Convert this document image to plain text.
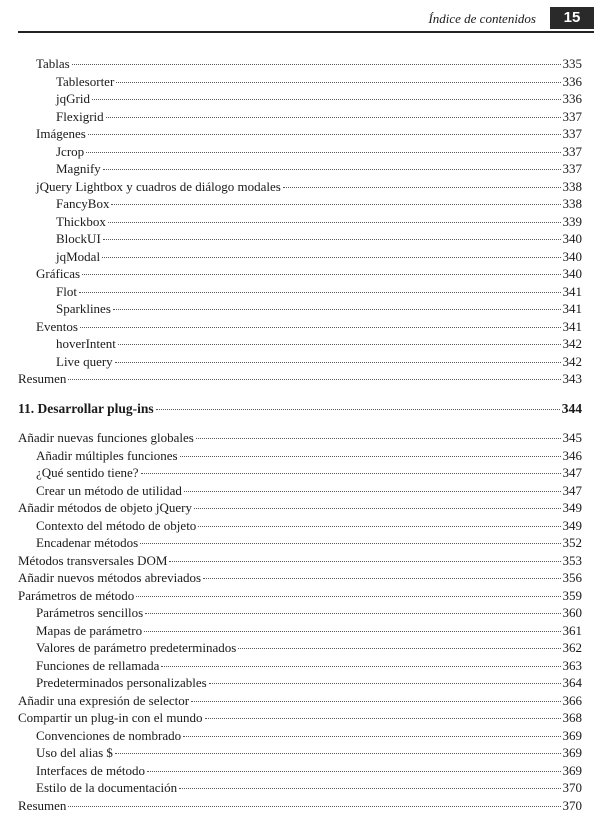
Índice de contenidos	15
Tablas	335
Tablesorter	336
jqGrid	336
Flexigrid	337
Imágenes	337
Jcrop	337
Magnify	337
jQuery Lightbox y cuadros de diálogo modales	338
FancyBox	338
Thickbox	339
BlockUI	340
jqModal	340
Gráficas	340
Flot	341
Sparklines	341
Eventos	341
hoverIntent	342
Live query	342
Resumen	343
11. Desarrollar plug-ins	344
Añadir nuevas funciones globales	345
Añadir múltiples funciones	346
¿Qué sentido tiene?	347
Crear un método de utilidad	347
Añadir métodos de objeto jQuery	349
Contexto del método de objeto	349
Encadenar métodos	352
Métodos transversales DOM	353
Añadir nuevos métodos abreviados	356
Parámetros de método	359
Parámetros sencillos	360
Mapas de parámetro	361
Valores de parámetro predeterminados	362
Funciones de rellamada	363
Predeterminados personalizables	364
Añadir una expresión de selector	366
Compartir un plug-in con el mundo	368
Convenciones de nombrado	369
Uso del alias $	369
Interfaces de método	369
Estilo de la documentación	370
Resumen	370
